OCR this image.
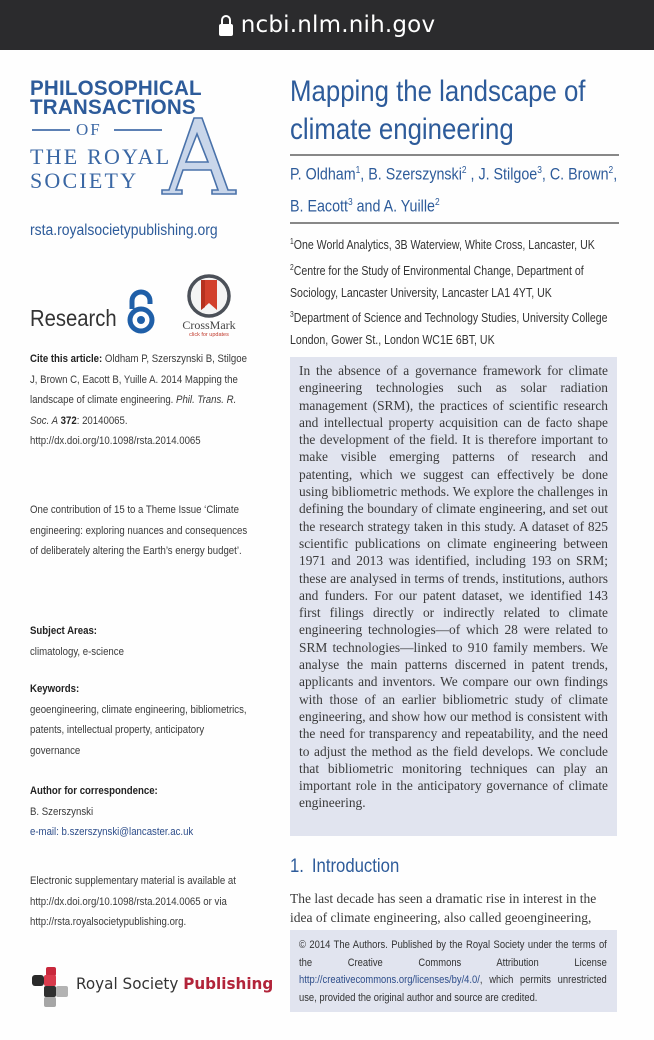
ncbi.nlm.nih.gov
PHILOSOPHICAL
TRANSACTIONS
OF
THE ROYAL
SOCIETY
rsta.royalsocietypublishing.org
Research	CrossMark
click for updates
Cite this article: Oldham P, Szerszynski B, Stilgoe J, Brown C, Eacott B, Yuille A. 2014 Mapping the landscape of climate engineering. Phil. Trans. R. Soc. A 372: 20140065.
http://dx.doi.org/10.1098/rsta.2014.0065
One contribution of 15 to a Theme Issue ‘Climate engineering: exploring nuances and consequences of deliberately altering the Earth’s energy budget’.
Subject Areas:
climatology, e-science
Keywords:
geoengineering, climate engineering, bibliometrics, patents, intellectual property, anticipatory governance
Author for correspondence:
B. Szerszynski
e-mail: b.szerszynski@lancaster.ac.uk
Electronic supplementary material is available at http://dx.doi.org/10.1098/rsta.2014.0065 or via http://rsta.royalsocietypublishing.org.
Royal Society Publishing
Mapping the landscape of climate engineering
P. Oldham$^1$, B. Szerszynski$^2$ , J. Stilgoe$^3$, C. Brown$^2$,
B. Eacott$^3$ and A. Yuille$^2$
$^1$One World Analytics, 3B Waterview, White Cross, Lancaster, UK
$^2$Centre for the Study of Environmental Change, Department of Sociology, Lancaster University, Lancaster LA1 4YT, UK
$^3$Department of Science and Technology Studies, University College London, Gower St., London WC1E 6BT, UK

In the absence of a governance framework for climate engineering technologies such as solar radiation management (SRM), the practices of scientific research and intellectual property acquisition can de facto shape the development of the field. It is therefore important to make visible emerging patterns of research and patenting, which we suggest can effectively be done using bibliometric methods. We explore the challenges in defining the boundary of climate engineering, and set out the research strategy taken in this study. A dataset of 825 scientific publications on climate engineering between 1971 and 2013 was identified, including 193 on SRM; these are analysed in terms of trends, institutions, authors and funders. For our patent dataset, we identified 143 first filings directly or indirectly related to climate engineering technologies—of which 28 were related to SRM technologies—linked to 910 family members. We analyse the main patterns discerned in patent trends, applicants and inventors. We compare our own findings with those of an earlier bibliometric study of climate engineering, and show how our method is consistent with the need for transparency and repeatability, and the need to adjust the method as the field develops. We conclude that bibliometric monitoring techniques can play an important role in the anticipatory governance of climate engineering.

1. Introduction
The last decade has seen a dramatic rise in interest in the idea of climate engineering, also called geoengineering,

© 2014 The Authors. Published by the Royal Society under the terms of the Creative Commons Attribution License http://creativecommons.org/licenses/by/4.0/, which permits unrestricted use, provided the original author and source are credited.
